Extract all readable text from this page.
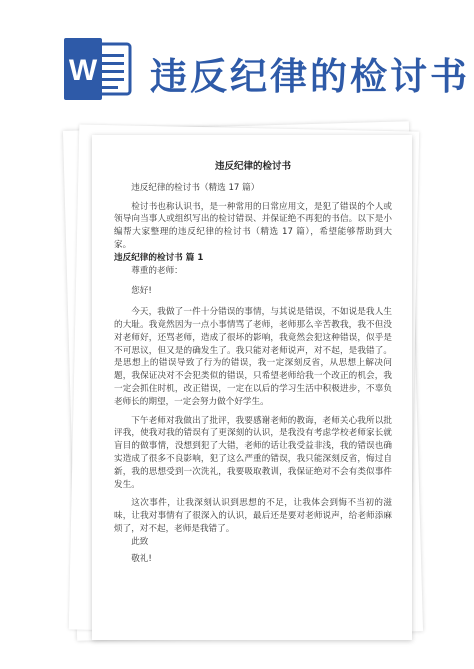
W 违反纪律的检讨书
违反纪律的检讨书

违反纪律的检讨书（精选 17 篇）

检讨书也称认识书，是一种常用的日常应用文，是犯了错误的个人或领导向当事人或组织写出的检讨错误、并保证绝不再犯的书信。以下是小编帮大家整理的违反纪律的检讨书（精选 17 篇），希望能够帮助到大家。

违反纪律的检讨书 篇 1

尊重的老师：

您好!

今天，我做了一件十分错误的事情，与其说是错误，不如说是我人生的大耻。我竟然因为一点小事情骂了老师，老师那么辛苦教我，我不但没对老师好，还骂老师，造成了很坏的影响，我竟然会犯这种错误，似乎是不可思议，但又是的确发生了。我只能对老师说声，对不起，是我错了。是思想上的错误导致了行为的错误，我一定深刻反省，从思想上解决问题，我保证决对不会犯类似的错误，只希望老师给我一个改正的机会，我一定会抓住时机，改正错误，一定在以后的学习生活中积极进步，不辜负老师长的期望，一定会努力做个好学生。

下午老师对我做出了批评，我要感谢老师的教诲，老师关心我所以批评我，使我对我的错误有了更深刻的认识，是我没有考虑学校老师家长就盲目的做事情，没想到犯了大错，老师的话让我受益非浅，我的错误也确实造成了很多不良影响，犯了这么严重的错误，我只能深刻反省，悔过自新，我的思想受到一次洗礼，我要吸取教训，我保证绝对不会有类似事件发生。

这次事件，让我深刻认识到思想的不足，让我体会到悔不当初的滋味，让我对事情有了很深入的认识，最后还是要对老师说声，给老师添麻烦了，对不起，老师是我错了。

此致

敬礼!
